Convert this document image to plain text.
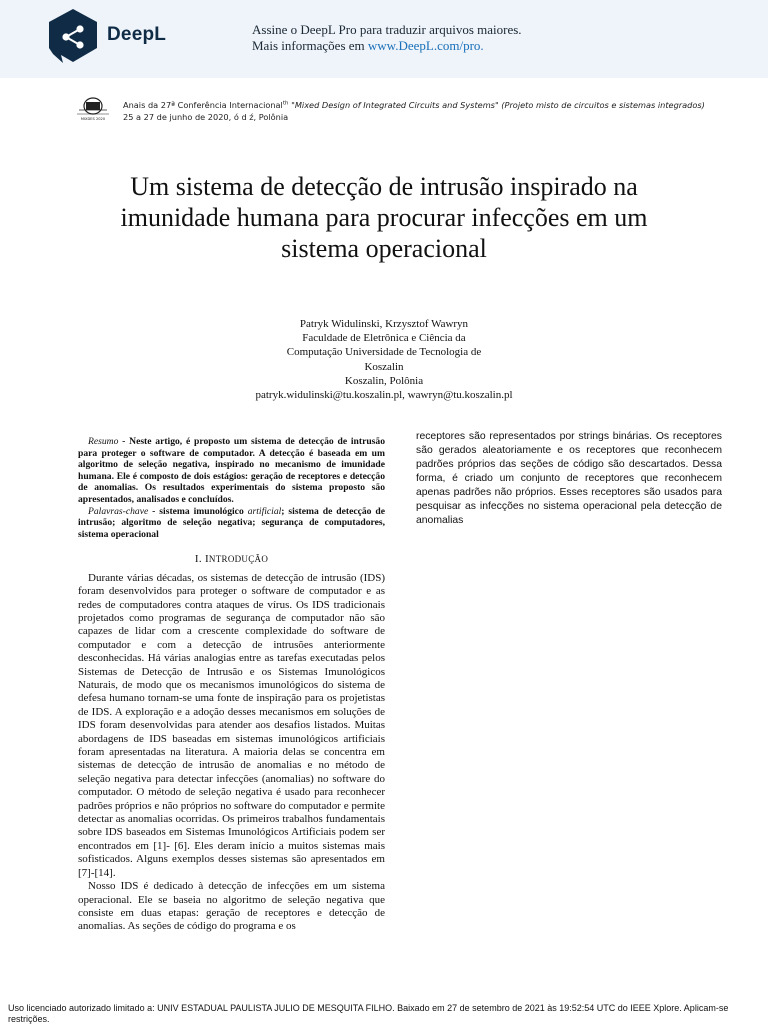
DeepL	Assine o DeepL Pro para traduzir arquivos maiores.
Mais informações em www.DeepL.com/pro.
MIXDES 2020
Anais da 27ª Conferência Internacional$^{th}$ "Mixed Design of Integrated Circuits and Systems" (Projeto misto de circuitos e sistemas integrados)
25 a 27 de junho de 2020, ó d ź, Polônia
Um sistema de detecção de intrusão inspirado na imunidade humana para procurar infecções em um sistema operacional
Patryk Widulinski, Krzysztof Wawryn
Faculdade de Eletrônica e Ciência da
Computação Universidade de Tecnologia de
Koszalin
Koszalin, Polônia
patryk.widulinski@tu.koszalin.pl, wawryn@tu.koszalin.pl

Resumo - Neste artigo, é proposto um sistema de detecção de intrusão para proteger o software de computador. A detecção é baseada em um algoritmo de seleção negativa, inspirado no mecanismo de imunidade humana. Ele é composto de dois estágios: geração de receptores e detecção de anomalias. Os resultados experimentais do sistema proposto são apresentados, analisados e concluídos.

Palavras-chave - sistema imunológico artificial; sistema de detecção de intrusão; algoritmo de seleção negativa; segurança de computadores, sistema operacional

I. INTRODUÇÃO

Durante várias décadas, os sistemas de detecção de intrusão (IDS) foram desenvolvidos para proteger o software de computador e as redes de computadores contra ataques de vírus. Os IDS tradicionais projetados como programas de segurança de computador não são capazes de lidar com a crescente complexidade do software de computador e com a detecção de intrusões anteriormente desconhecidas. Há várias analogias entre as tarefas executadas pelos Sistemas de Detecção de Intrusão e os Sistemas Imunológicos Naturais, de modo que os mecanismos imunológicos do sistema de defesa humano tornam-se uma fonte de inspiração para os projetistas de IDS. A exploração e a adoção desses mecanismos em soluções de IDS foram desenvolvidas para atender aos desafios listados. Muitas abordagens de IDS baseadas em sistemas imunológicos artificiais foram apresentadas na literatura. A maioria delas se concentra em sistemas de detecção de intrusão de anomalias e no método de seleção negativa para detectar infecções (anomalias) no software do computador. O método de seleção negativa é usado para reconhecer padrões próprios e não próprios no software do computador e permite detectar as anomalias ocorridas. Os primeiros trabalhos fundamentais sobre IDS baseados em Sistemas Imunológicos Artificiais podem ser encontrados em [1]- [6]. Eles deram início a muitos sistemas mais sofisticados. Alguns exemplos desses sistemas são apresentados em [7]-[14].

Nosso IDS é dedicado à detecção de infecções em um sistema operacional. Ele se baseia no algoritmo de seleção negativa que consiste em duas etapas: geração de receptores e detecção de anomalias. As seções de código do programa e os

receptores são representados por strings binárias. Os receptores são gerados aleatoriamente e os receptores que reconhecem padrões próprios das seções de código são descartados. Dessa forma, é criado um conjunto de receptores que reconhecem apenas padrões não próprios. Esses receptores são usados para pesquisar as infecções no sistema operacional pela detecção de anomalias
Uso licenciado autorizado limitado a: UNIV ESTADUAL PAULISTA JULIO DE MESQUITA FILHO. Baixado em 27 de setembro de 2021 às 19:52:54 UTC do IEEE Xplore. Aplicam-se restrições.
